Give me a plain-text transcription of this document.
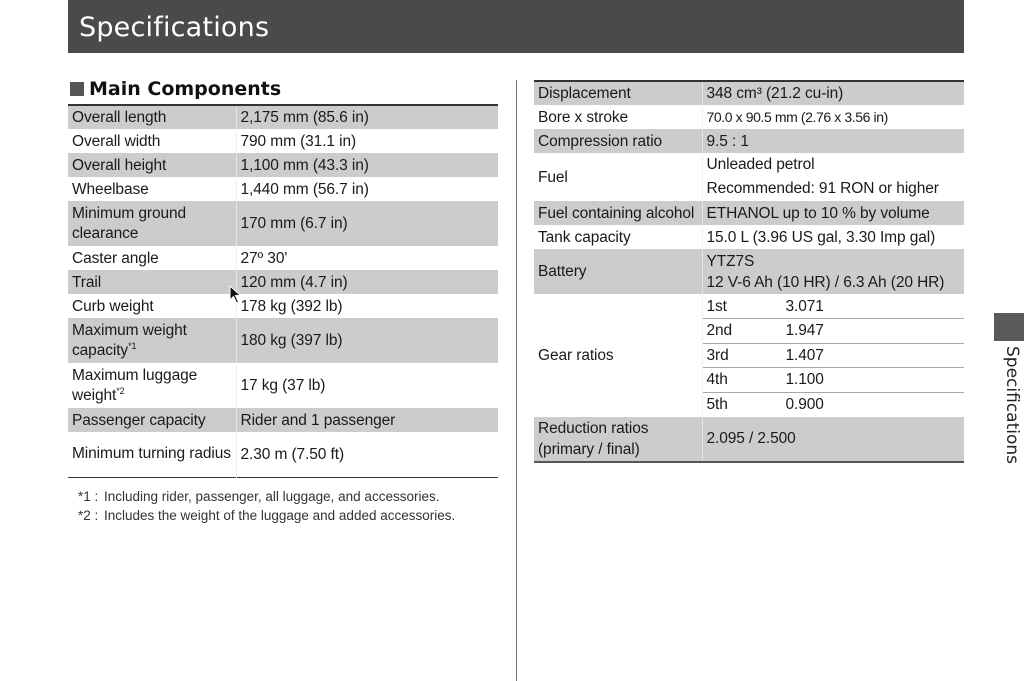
Specifications
Main Components
Overall length	2,175 mm (85.6 in)
Overall width	790 mm (31.1 in)
Overall height	1,100 mm (43.3 in)
Wheelbase	1,440 mm (56.7 in)
Minimum ground clearance	170 mm (6.7 in)
Caster angle	27º 30'
Trail	120 mm (4.7 in)
Curb weight	178 kg (392 lb)
Maximum weight capacity$^{*1}$	180 kg (397 lb)
Maximum luggage weight$^{*2}$	17 kg (37 lb)
Passenger capacity	Rider and 1 passenger
Minimum turning radius	2.30 m (7.50 ft)
*1 : Including rider, passenger, all luggage, and accessories.
*2 : Includes the weight of the luggage and added accessories.
Displacement	348 cm³ (21.2 cu-in)
Bore x stroke	70.0 x 90.5 mm (2.76 x 3.56 in)
Compression ratio	9.5 : 1
Fuel	Unleaded petrol
Recommended: 91 RON or higher

Fuel containing alcohol	ETHANOL up to 10 % by volume
Tank capacity	15.0 L (3.96 US gal, 3.30 Imp gal)
Battery	YTZ7S
12 V-6 Ah (10 HR) / 6.3 Ah (20 HR)

Gear ratios	1st 3.071

	2nd 1.947

	3rd 1.407

	4th 1.100

	5th 0.900

Reduction ratios
(primary / final)	2.095 / 2.500	Specifications
